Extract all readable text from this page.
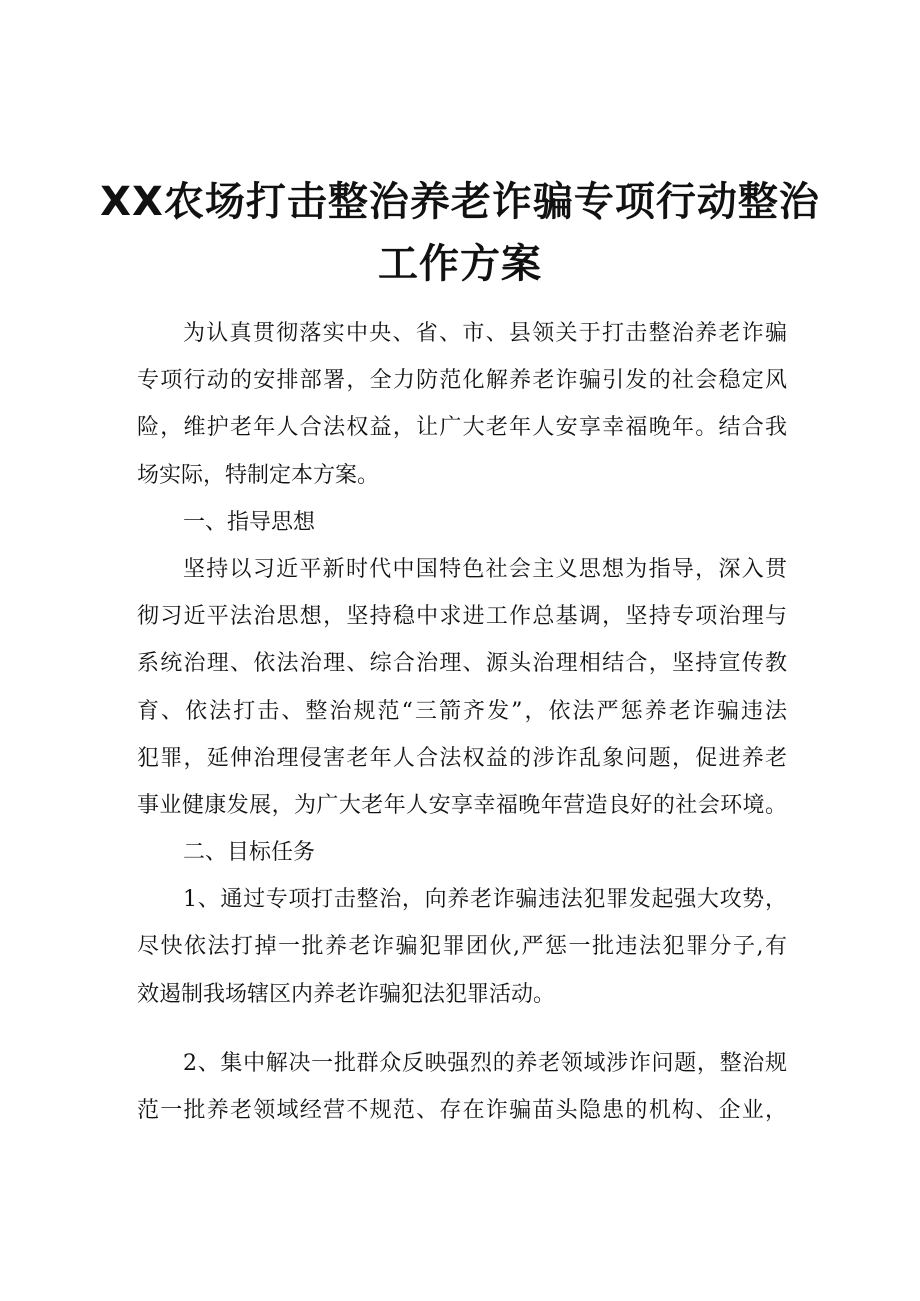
XX农场打击整治养老诈骗专项行动整治
工作方案
为认真贯彻落实中央、省、市、县领关于打击整治养老诈骗
专项行动的安排部署，全力防范化解养老诈骗引发的社会稳定风
险，维护老年人合法权益，让广大老年人安享幸福晚年。结合我
场实际，特制定本方案。
一、指导思想
坚持以习近平新时代中国特色社会主义思想为指导，深入贯
彻习近平法治思想，坚持稳中求进工作总基调，坚持专项治理与
系统治理、依法治理、综合治理、源头治理相结合，坚持宣传教
育、依法打击、整治规范“三箭齐发”，依法严惩养老诈骗违法
犯罪，延伸治理侵害老年人合法权益的涉诈乱象问题，促进养老
事业健康发展，为广大老年人安享幸福晚年营造良好的社会环境。
二、目标任务
1、通过专项打击整治，向养老诈骗违法犯罪发起强大攻势，
尽快依法打掉一批养老诈骗犯罪团伙,严惩一批违法犯罪分子,有
效遏制我场辖区内养老诈骗犯法犯罪活动。
2、集中解决一批群众反映强烈的养老领域涉诈问题，整治规
范一批养老领域经营不规范、存在诈骗苗头隐患的机构、企业，
